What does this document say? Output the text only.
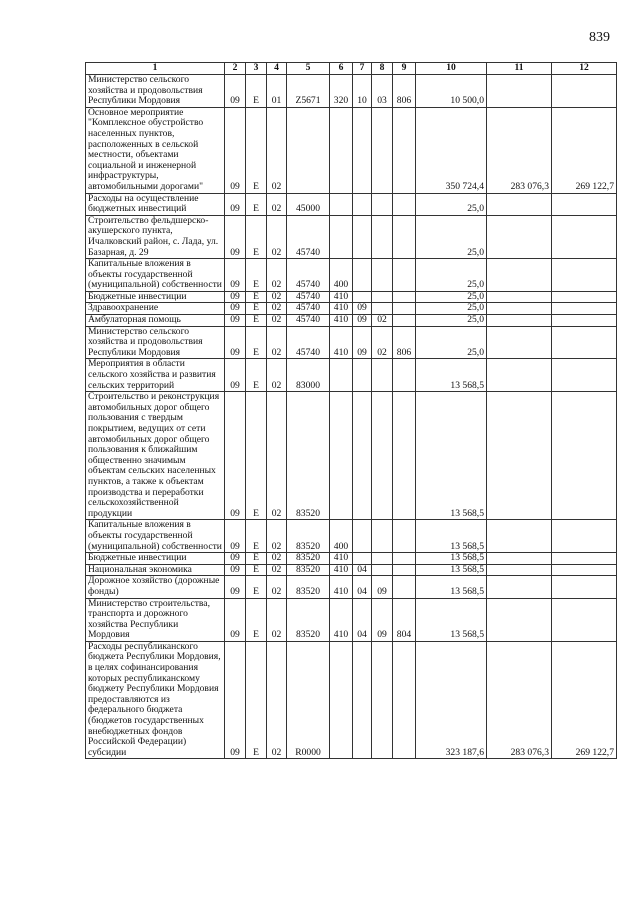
839
1	2	3	4	5	6	7	8	9	10	11	12
Министерство сельского хозяйства и продовольствия Республики Мордовия	09	Е	01	Z5671	320	10	03	806	10 500,0		
Основное мероприятие "Комплексное обустройство населенных пунктов, расположенных в сельской местности, объектами социальной и инженерной инфраструктуры, автомобильными дорогами"	09	Е	02						350 724,4	283 076,3	269 122,7
Расходы на осуществление бюджетных инвестиций	09	Е	02	45000					25,0		
Строительство фельдшерско-акушерского пункта, Ичалковский район, с. Лада, ул. Базарная, д. 29	09	Е	02	45740					25,0		
Капитальные вложения в объекты государственной (муниципальной) собственности	09	Е	02	45740	400				25,0		
Бюджетные инвестиции	09	Е	02	45740	410				25,0		
Здравоохранение	09	Е	02	45740	410	09			25,0		
Амбулаторная помощь	09	Е	02	45740	410	09	02		25,0		
Министерство сельского хозяйства и продовольствия Республики Мордовия	09	Е	02	45740	410	09	02	806	25,0		
Мероприятия в области сельского хозяйства и развития сельских территорий	09	Е	02	83000					13 568,5		
Строительство и реконструкция автомобильных дорог общего пользования с твердым покрытием, ведущих от сети автомобильных дорог общего пользования к ближайшим общественно значимым объектам сельских населенных пунктов, а также к объектам производства и переработки сельскохозяйственной продукции	09	Е	02	83520					13 568,5		
Капитальные вложения в объекты государственной (муниципальной) собственности	09	Е	02	83520	400				13 568,5		
Бюджетные инвестиции	09	Е	02	83520	410				13 568,5		
Национальная экономика	09	Е	02	83520	410	04			13 568,5		
Дорожное хозяйство (дорожные фонды)	09	Е	02	83520	410	04	09		13 568,5		
Министерство строительства, транспорта и дорожного хозяйства Республики Мордовия	09	Е	02	83520	410	04	09	804	13 568,5		
Расходы республиканского бюджета Республики Мордовия, в целях софинансирования которых республиканскому бюджету Республики Мордовия предоставляются из федерального бюджета (бюджетов государственных внебюджетных фондов Российской Федерации) субсидии	09	Е	02	R0000					323 187,6	283 076,3	269 122,7
